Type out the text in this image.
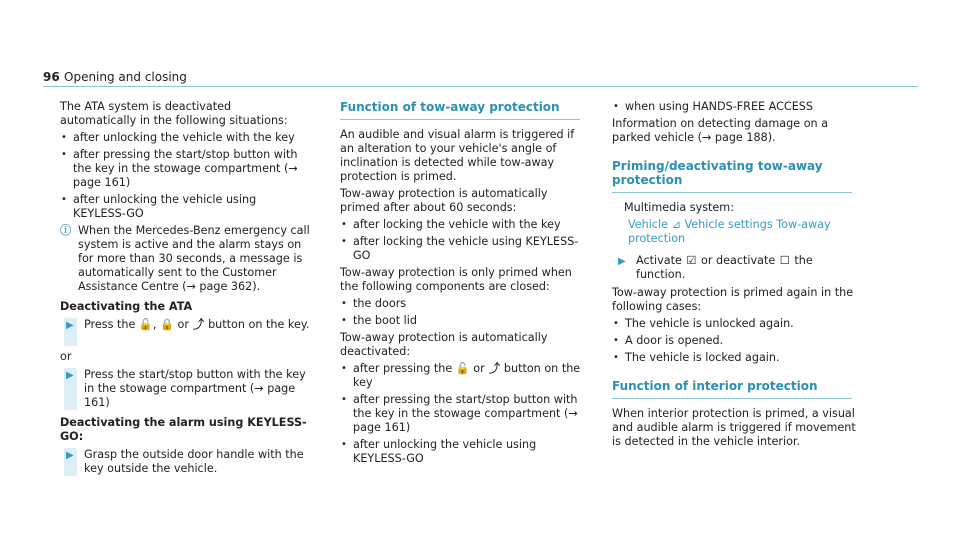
96 Opening and closing

The ATA system is deactivated automatically in the following situations:

• after unlocking the vehicle with the key
• after pressing the start/stop button with the key in the stowage compartment (→ page 161)
• after unlocking the vehicle using KEYLESS-GO
ⓘ When the Mercedes-Benz emergency call system is active and the alarm stays on for more than 30 seconds, a message is automatically sent to the Customer Assistance Centre (→ page 362).
Deactivating the ATA
▶ Press the 🔓, 🔒 or ⤴ button on the key.

or

▶ Press the start/stop button with the key in the stowage compartment (→ page 161)
Deactivating the alarm using KEYLESS-GO:
▶ Grasp the outside door handle with the key outside the vehicle.
Function of tow-away protection

An audible and visual alarm is triggered if an alteration to your vehicle's angle of inclination is detected while tow-away protection is primed.

Tow-away protection is automatically primed after about 60 seconds:

• after locking the vehicle with the key
• after locking the vehicle using KEYLESS-GO

Tow-away protection is only primed when the following components are closed:

• the doors
• the boot lid

Tow-away protection is automatically deactivated:

• after pressing the 🔓 or ⤴ button on the key
• after pressing the start/stop button with the key in the stowage compartment (→ page 161)
• after unlocking the vehicle using KEYLESS-GO
• when using HANDS-FREE ACCESS

Information on detecting damage on a parked vehicle (→ page 188).

Priming/deactivating tow-away protection

Multimedia system:

Vehicle ⊿ Vehicle settings Tow-away protection

▶ Activate ☑ or deactivate ☐ the function.

Tow-away protection is primed again in the following cases:

• The vehicle is unlocked again.
• A door is opened.
• The vehicle is locked again.
Function of interior protection

When interior protection is primed, a visual and audible alarm is triggered if movement is detected in the vehicle interior.
